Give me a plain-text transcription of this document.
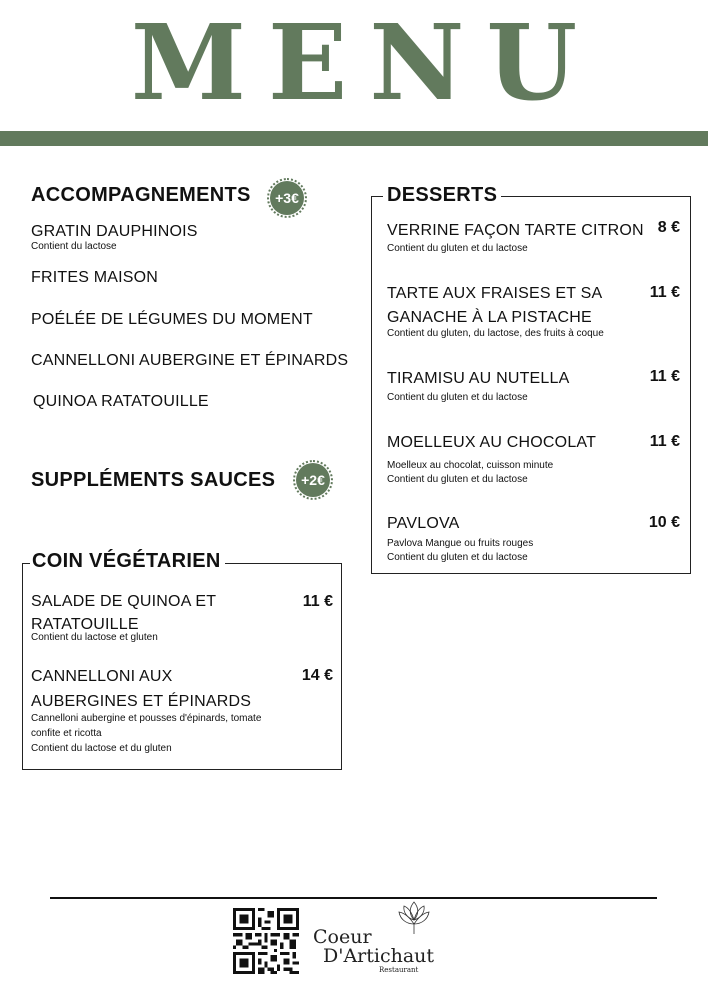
MENU
ACCOMPAGNEMENTS	+3€
GRATIN DAUPHINOIS
Contient du lactose
FRITES MAISON
POÉLÉE DE LÉGUMES DU MOMENT
CANNELLONI AUBERGINE ET ÉPINARDS
QUINOA RATATOUILLE
SUPPLÉMENTS SAUCES	+2€
COIN VÉGÉTARIEN
SALADE DE QUINOA ET
RATATOUILLE
11 €
Contient du lactose et gluten
CANNELLONI AUX
AUBERGINES ET ÉPINARDS
14 €
Cannelloni aubergine et pousses d'épinards, tomate
confite et ricotta
Contient du lactose et du gluten
DESSERTS
VERRINE FAÇON TARTE CITRON 8 €
Contient du gluten et du lactose
TARTE AUX FRAISES ET SA
GANACHE À LA PISTACHE
11 €
Contient du gluten, du lactose, des fruits à coque
TIRAMISU AU NUTELLA	11 €
Contient du gluten et du lactose
MOELLEUX AU CHOCOLAT	11 €
Moelleux au chocolat, cuisson minute
Contient du gluten et du lactose
PAVLOVA	10 €
Pavlova Mangue ou fruits rouges
Contient du gluten et du lactose
Coeur
D'Artichaut
Restaurant
